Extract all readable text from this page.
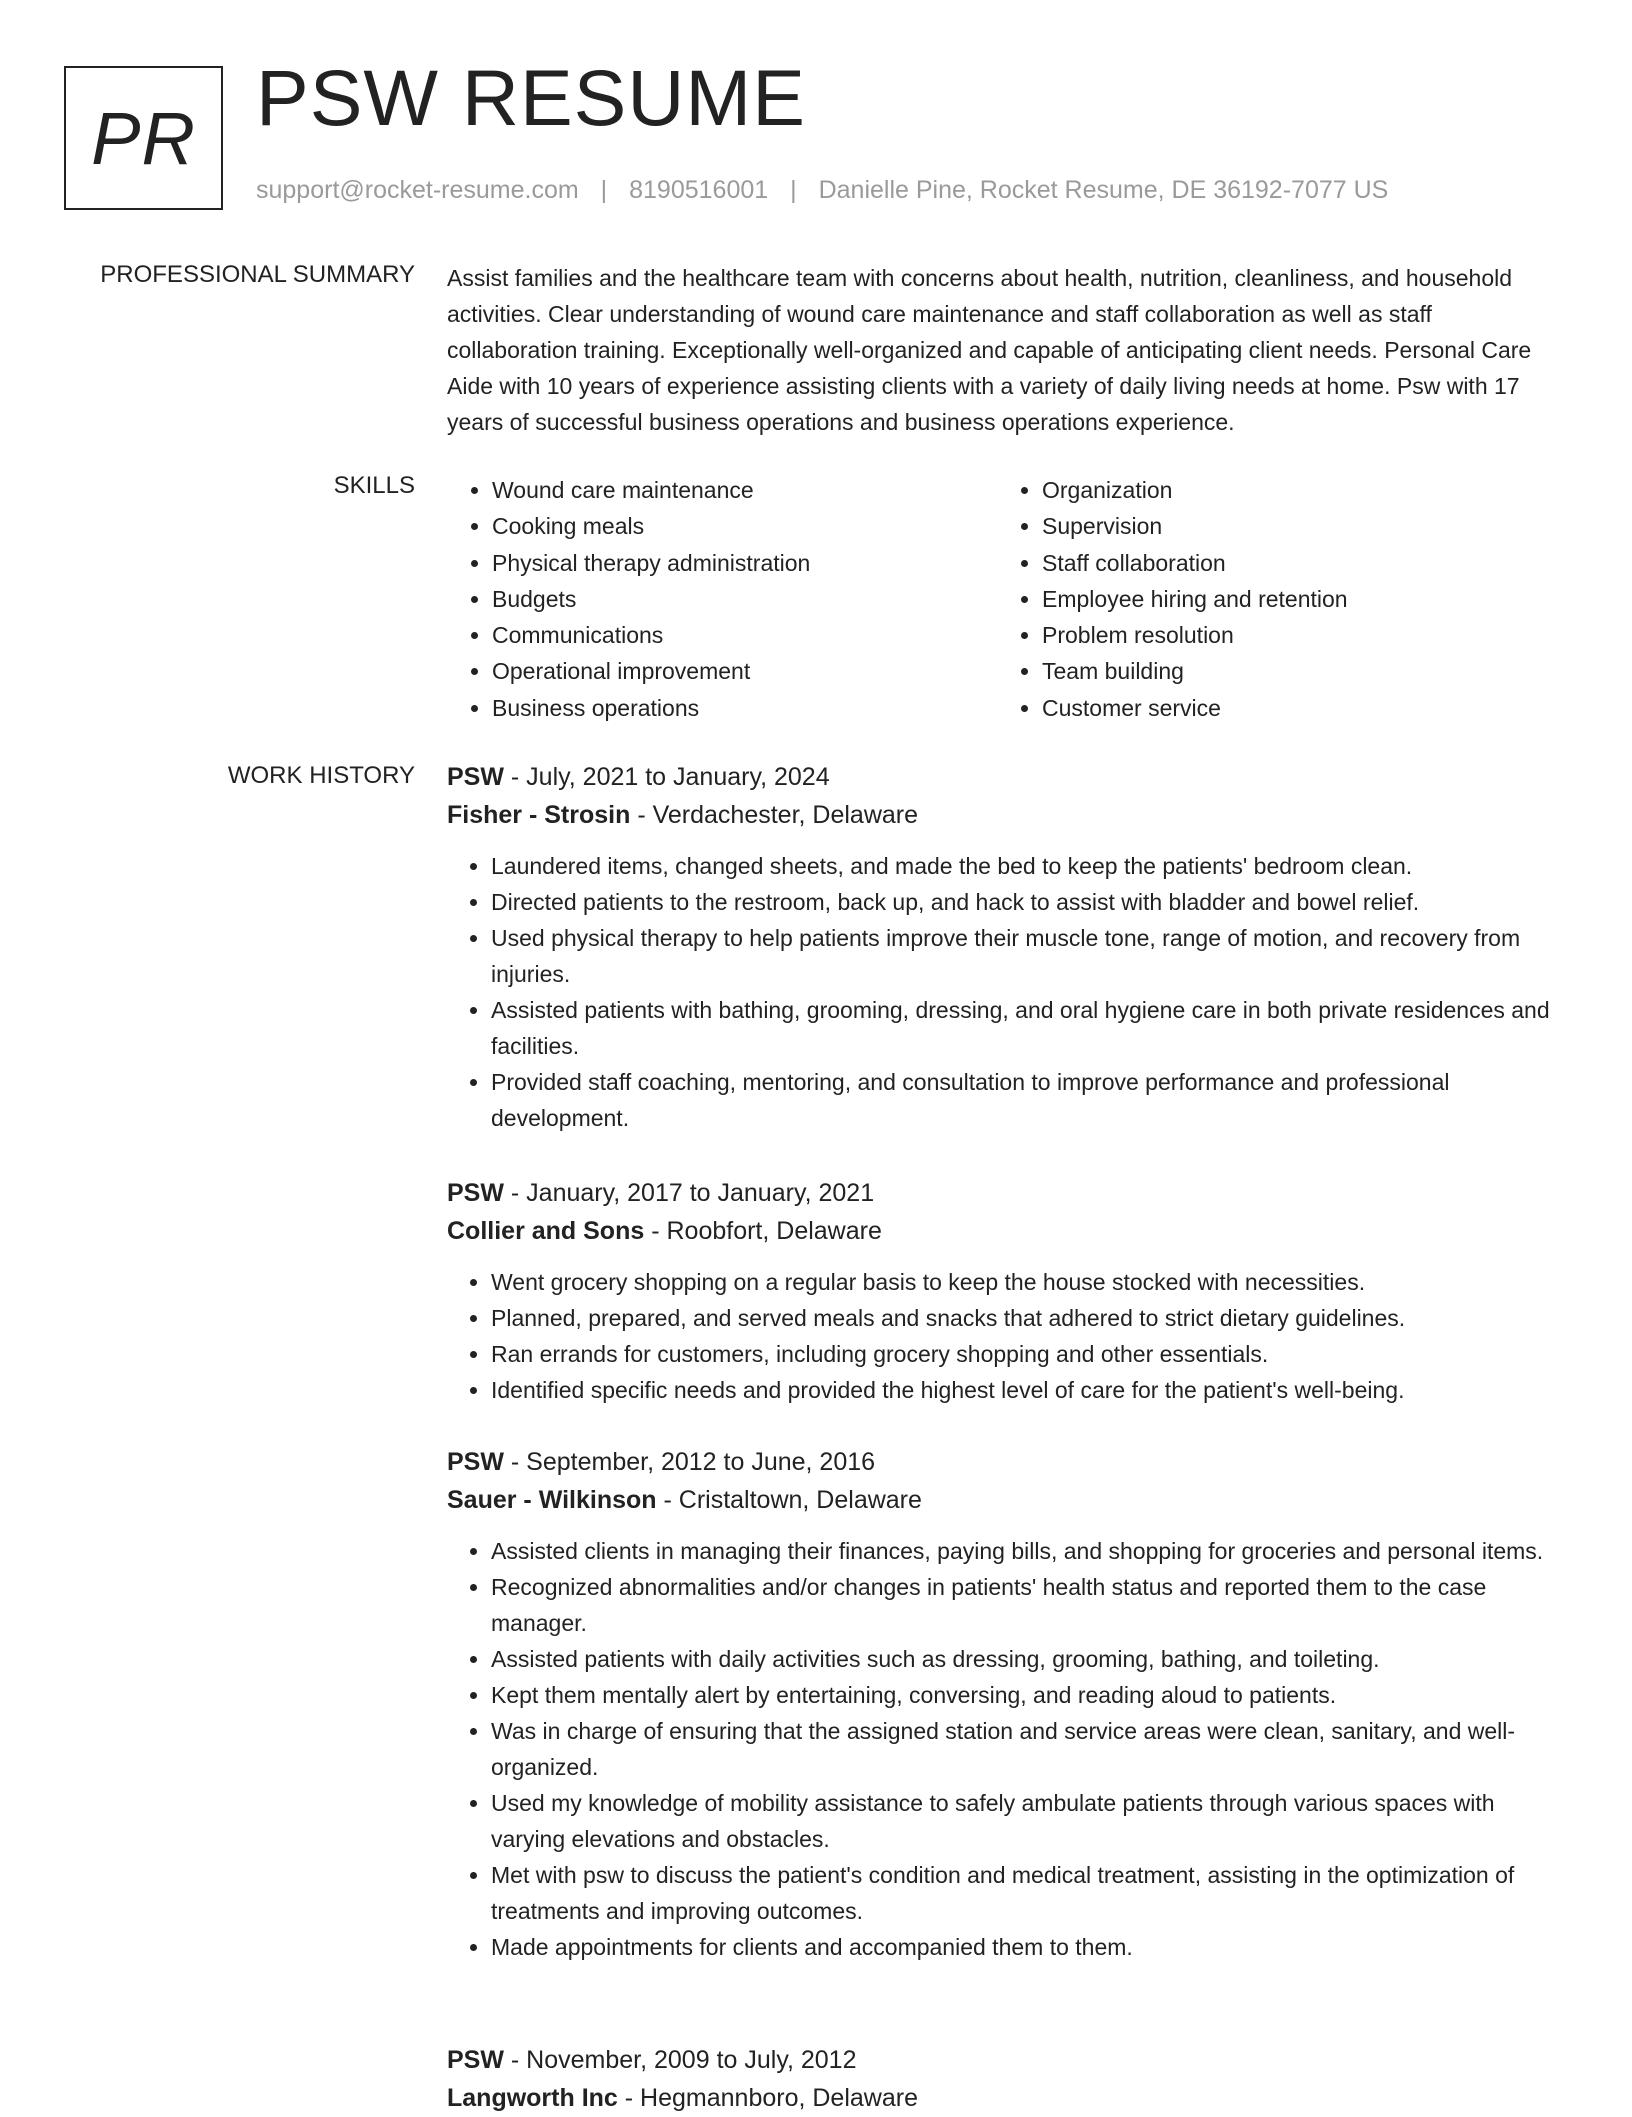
PR PSW RESUME
support@rocket-resume.com | 8190516001 | Danielle Pine, Rocket Resume, DE 36192-7077 US
PROFESSIONAL SUMMARY Assist families and the healthcare team with concerns about health, nutrition, cleanliness, and household activities. Clear understanding of wound care maintenance and staff collaboration as well as staff collaboration training. Exceptionally well-organized and capable of anticipating client needs. Personal Care Aide with 10 years of experience assisting clients with a variety of daily living needs at home. Psw with 17 years of successful business operations and business operations experience.

SKILLS
•	Wound care maintenance
• Cooking meals
• Physical therapy administration
• Budgets
• Communications
• Operational improvement
• Business operations
• Organization
• Supervision
• Staff collaboration
• Employee hiring and retention
• Problem resolution
• Team building
• Customer service
WORK HISTORY PSW - July, 2021 to January, 2024
Fisher - Strosin - Verdachester, Delaware
• Laundered items, changed sheets, and made the bed to keep the patients' bedroom clean.
• Directed patients to the restroom, back up, and hack to assist with bladder and bowel relief.
• Used physical therapy to help patients improve their muscle tone, range of motion, and recovery from injuries.
• Assisted patients with bathing, grooming, dressing, and oral hygiene care in both private residences and facilities.
• Provided staff coaching, mentoring, and consultation to improve performance and professional development.
PSW - January, 2017 to January, 2021
Collier and Sons - Roobfort, Delaware
• Went grocery shopping on a regular basis to keep the house stocked with necessities.
• Planned, prepared, and served meals and snacks that adhered to strict dietary guidelines.
• Ran errands for customers, including grocery shopping and other essentials.
• Identified specific needs and provided the highest level of care for the patient's well-being.
PSW - September, 2012 to June, 2016
Sauer - Wilkinson - Cristaltown, Delaware
• Assisted clients in managing their finances, paying bills, and shopping for groceries and personal items.
• Recognized abnormalities and/or changes in patients' health status and reported them to the case manager.
• Assisted patients with daily activities such as dressing, grooming, bathing, and toileting.
• Kept them mentally alert by entertaining, conversing, and reading aloud to patients.
• Was in charge of ensuring that the assigned station and service areas were clean, sanitary, and well-organized.
• Used my knowledge of mobility assistance to safely ambulate patients through various spaces with varying elevations and obstacles.
• Met with psw to discuss the patient's condition and medical treatment, assisting in the optimization of treatments and improving outcomes.
• Made appointments for clients and accompanied them to them.
PSW - November, 2009 to July, 2012
Langworth Inc - Hegmannboro, Delaware
